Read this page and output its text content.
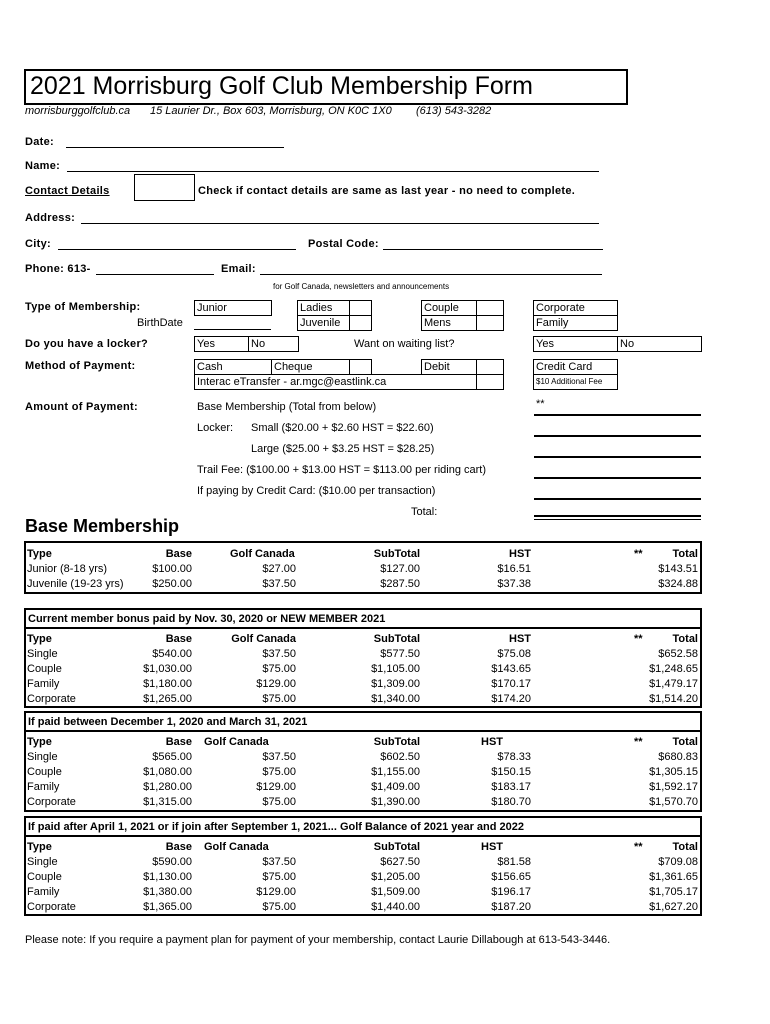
2021 Morrisburg Golf Club Membership Form
morrisburggolfclub.ca 15 Laurier Dr., Box 603, Morrisburg, ON K0C 1X0 (613) 543-3282
Date:
Name:
Contact Details	Check if contact details are same as last year - no need to complete.
Address:
City:	Postal Code:
Phone: 613-	Email:
for Golf Canada, newsletters and announcements
Type of Membership:
BirthDate
Junior	Ladies
Juvenile
Couple
Mens
Corporate
Family
Do you have a locker?	Yes	No	Want on waiting list?	Yes	No
Method of Payment:	Cash	Cheque	Debit
Interac eTransfer - ar.mgc@eastlink.ca
Credit Card
$10 Additional Fee
Amount of Payment:	Base Membership (Total from below)	**
Locker: Small ($20.00 + $2.60 HST = $22.60)
Large ($25.00 + $3.25 HST = $28.25)
Trail Fee: ($100.00 + $13.00 HST = $113.00 per riding cart)
If paying by Credit Card: ($10.00 per transaction)
Total:
Base Membership
Type	Base	Golf Canada	SubTotal	HST	**	Total
Junior (8-18 yrs)	$100.00	$27.00	$127.00	$16.51	$143.51
Juvenile (19-23 yrs)	$250.00	$37.50	$287.50	$37.38	$324.88
Current member bonus paid by Nov. 30, 2020 or NEW MEMBER 2021
Type	Base	Golf Canada	SubTotal	HST	**	Total
Single	$540.00	$37.50	$577.50	$75.08	$652.58
Couple	$1,030.00	$75.00	$1,105.00	$143.65	$1,248.65
Family	$1,180.00	$129.00	$1,309.00	$170.17	$1,479.17
Corporate	$1,265.00	$75.00	$1,340.00	$174.20	$1,514.20
If paid between December 1, 2020 and March 31, 2021
Type	Base Golf Canada	SubTotal	HST	**	Total
Single	$565.00	$37.50	$602.50	$78.33	$680.83
Couple	$1,080.00	$75.00	$1,155.00	$150.15	$1,305.15
Family	$1,280.00	$129.00	$1,409.00	$183.17	$1,592.17
Corporate	$1,315.00	$75.00	$1,390.00	$180.70	$1,570.70
If paid after April 1, 2021 or if join after September 1, 2021... Golf Balance of 2021 year and 2022
Type	Base Golf Canada	SubTotal	HST	**	Total
Single	$590.00	$37.50	$627.50	$81.58	$709.08
Couple	$1,130.00	$75.00	$1,205.00	$156.65	$1,361.65
Family	$1,380.00	$129.00	$1,509.00	$196.17	$1,705.17
Corporate	$1,365.00	$75.00	$1,440.00	$187.20	$1,627.20
Please note: If you require a payment plan for payment of your membership, contact Laurie Dillabough at 613-543-3446.
